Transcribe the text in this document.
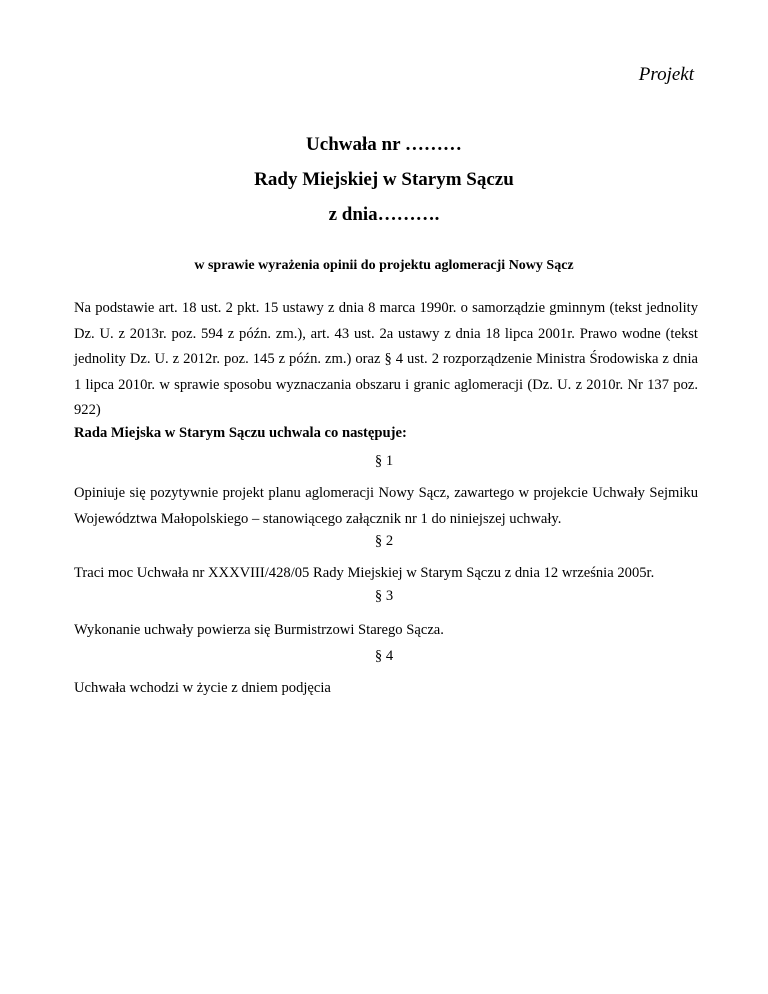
Projekt
Uchwała nr ………
Rady Miejskiej w Starym Sączu
z dnia……….
w sprawie wyrażenia opinii do projektu aglomeracji Nowy Sącz
Na podstawie art. 18 ust. 2 pkt. 15 ustawy z dnia 8 marca 1990r. o samorządzie gminnym (tekst jednolity Dz. U. z 2013r. poz. 594 z późn. zm.), art. 43 ust. 2a ustawy z dnia 18 lipca 2001r. Prawo wodne (tekst jednolity Dz. U. z 2012r. poz. 145 z późn. zm.) oraz § 4 ust. 2 rozporządzenie Ministra Środowiska z dnia 1 lipca 2010r. w sprawie sposobu wyznaczania obszaru i granic aglomeracji (Dz. U. z 2010r. Nr 137 poz. 922)
Rada Miejska w Starym Sączu uchwala co następuje:
§ 1
Opiniuje się pozytywnie projekt planu aglomeracji Nowy Sącz, zawartego w projekcie Uchwały Sejmiku Województwa Małopolskiego – stanowiącego załącznik nr 1 do niniejszej uchwały.
§ 2
Traci moc Uchwała nr XXXVIII/428/05 Rady Miejskiej w Starym Sączu z dnia 12 września 2005r.
§ 3
Wykonanie uchwały powierza się Burmistrzowi Starego Sącza.
§ 4
Uchwała wchodzi w życie z dniem podjęcia
